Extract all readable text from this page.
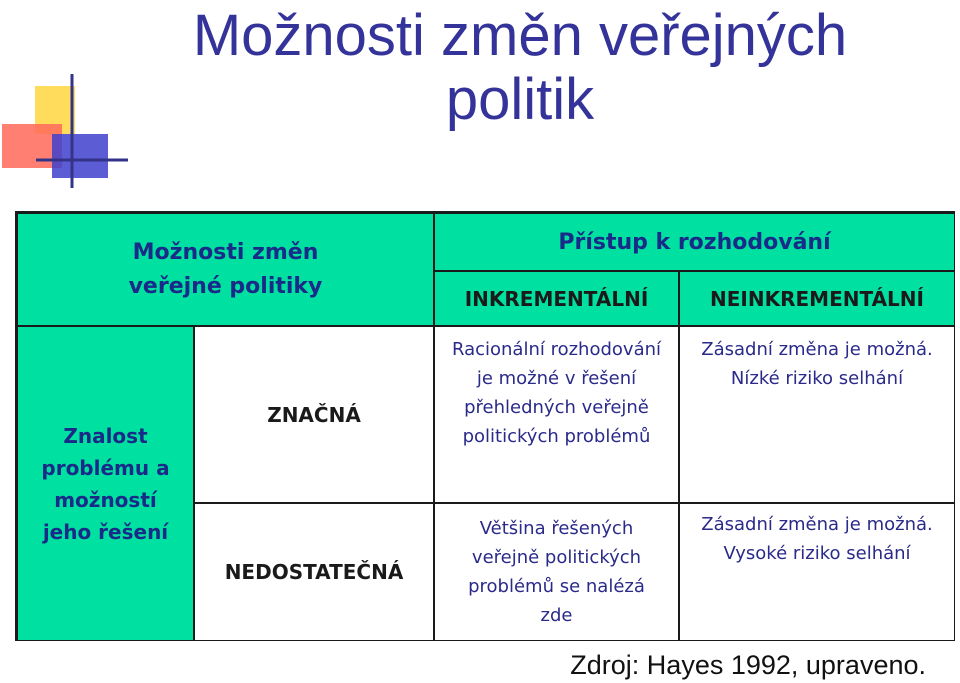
Možnosti změn veřejných
politik
Možnosti změn veřejné politiky
Přístup k rozhodování
INKREMENTÁLNÍ	NEINKREMENTÁLNÍ
Znalost
problému a
možností
jeho řešení
ZNAČNÁ
Racionální rozhodování
je možné v řešení
přehledných veřejně
politických problémů
Zásadní změna je možná.
Nízké riziko selhání
NEDOSTATEČNÁ
Většina řešených
veřejně politických
problémů se nalézá
zde
Zásadní změna je možná.
Vysoké riziko selhání
Zdroj: Hayes 1992, upraveno.
